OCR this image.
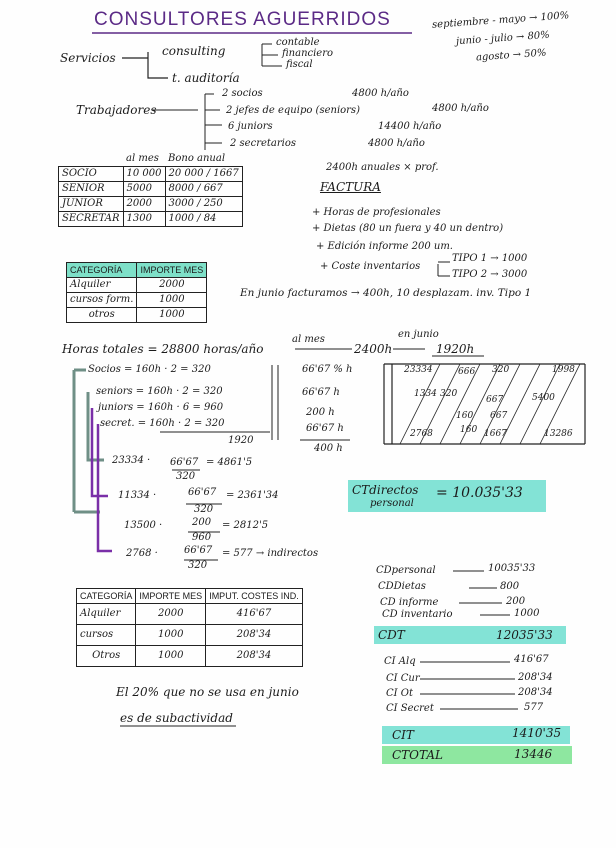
CONSULTORES AGUERRIDOS	septiembre - mayo → 100%
junio - julio → 80%
agosto → 50%
Servicios	consulting
contable
financiero
fiscal
t. auditoría
Trabajadores
2 socios	4800 h/año
2 jefes de equipo (seniors)	4800 h/año
6 juniors	14400 h/año
2 secretarios	4800 h/año
	al mes	Bono anual
SOCIO	10 000	20 000 / 1667
SENIOR	5000	8000 / 667
JUNIOR	2000	3000 / 250
SECRETAR	1300	1000 / 84
2400h anuales × prof.
FACTURA
+ Horas de profesionales
+ Dietas (80 un fuera y 40 un dentro)
+ Edición informe 200 um.
+ Coste inventarios
TIPO 1 → 1000
TIPO 2 → 3000
CATEGORÍA	IMPORTE MES
Alquiler	2000
cursos form.	1000
otros	1000
En junio facturamos → 400h, 10 desplazam. inv. Tipo 1
Horas totales = 28800 horas/año
al mes
2400h
en junio
1920h
Socios = 160h · 2 = 320
seniors = 160h · 2 = 320
juniors = 160h · 6 = 960
secret. = 160h · 2 = 320
1920
66'67 % h
66'67 h
200 h
66'67 h
400 h
23334	666 320	1998
1334 320
667	5400
160 667
2768	160 1667	13286
23334 · 66'67
320
= 4861'5
11334 ·	66'67
320
= 2361'34
13500 ·	200
960
= 2812'5
2768 ·	66'67
320
= 577 → indirectos
CTdirectos
personal
= 10.035'33
CATEGORÍA	IMPORTE MES	IMPUT. COSTES IND.
Alquiler	2000	416'67
cursos	1000	208'34
Otros	1000	208'34
El 20% que no se usa en junio
es de subactividad
CDpersonal	10035'33
CDDietas	800
CD informe	200
CD inventario	1000
CDT	12035'33
CI Alq	416'67
CI Cur	208'34
CI Ot	208'34
CI Secret	577
CIT	1410'35
CTOTAL	13446
